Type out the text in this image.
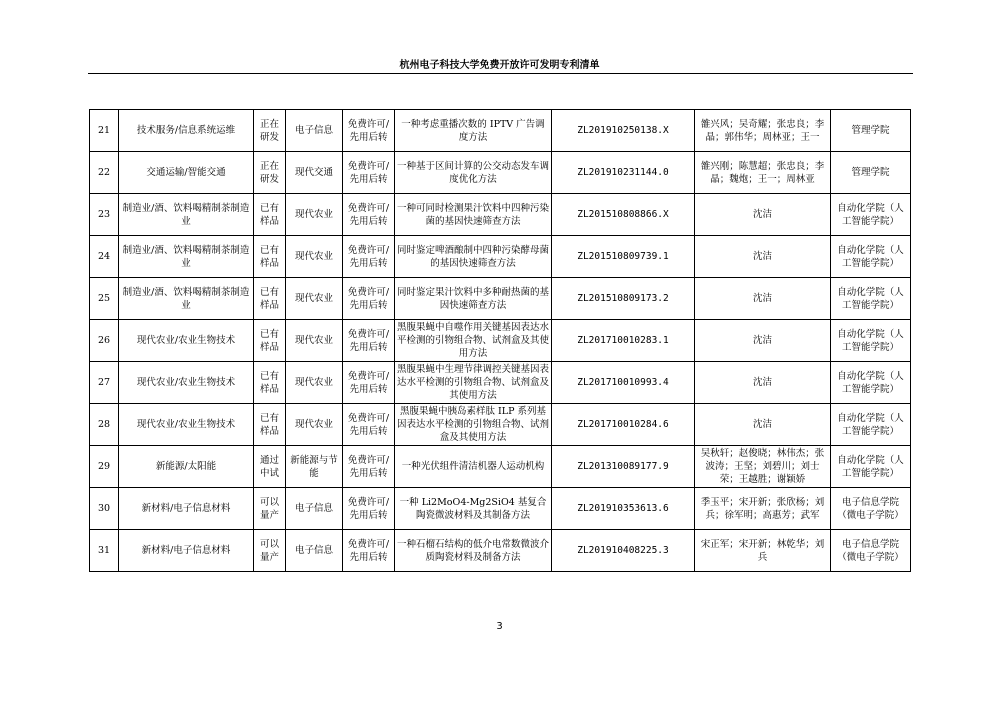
杭州电子科技大学免费开放许可发明专利清单
21	技术服务/信息系统运维	正在研发	电子信息	免费许可/先用后转	一种考虑重播次数的 IPTV 广告调度方法	ZL201910250138.X	雒兴风；吴奇耀；张忠良；李晶；郭伟华；周林亚；王一	管理学院
22	交通运输/智能交通	正在研发	现代交通	免费许可/先用后转	一种基于区间计算的公交动态发车调度优化方法	ZL201910231144.0	雒兴刚；陈慧超；张忠良；李晶；魏炮；王一；周林亚	管理学院
23	制造业/酒、饮料喝精制茶制造业	已有样品	现代农业	免费许可/先用后转	一种可同时检测果汁饮料中四种污染菌的基因快速筛查方法	ZL201510808866.X	沈洁	自动化学院（人工智能学院）
24	制造业/酒、饮料喝精制茶制造业	已有样品	现代农业	免费许可/先用后转	同时鉴定啤酒酿制中四种污染酵母菌的基因快速筛查方法	ZL201510809739.1	沈洁	自动化学院（人工智能学院）
25	制造业/酒、饮料喝精制茶制造业	已有样品	现代农业	免费许可/先用后转	同时鉴定果汁饮料中多种耐热菌的基因快速筛查方法	ZL201510809173.2	沈洁	自动化学院（人工智能学院）
26	现代农业/农业生物技术	已有样品	现代农业	免费许可/先用后转	黑腹果蝇中自噬作用关键基因表达水平检测的引物组合物、试剂盒及其使用方法	ZL201710010283.1	沈洁	自动化学院（人工智能学院）
27	现代农业/农业生物技术	已有样品	现代农业	免费许可/先用后转	黑腹果蝇中生理节律调控关键基因表达水平检测的引物组合物、试剂盒及其使用方法	ZL201710010993.4	沈洁	自动化学院（人工智能学院）
28	现代农业/农业生物技术	已有样品	现代农业	免费许可/先用后转	黑腹果蝇中胰岛素样肽 ILP 系列基因表达水平检测的引物组合物、试剂盒及其使用方法	ZL201710010284.6	沈洁	自动化学院（人工智能学院）
29	新能源/太阳能	通过中试	新能源与节能	免费许可/先用后转	一种光伏组件清洁机器人运动机构	ZL201310089177.9	吴秋轩；赵俊晓；林伟杰；张波涛；王坚；刘碧川；刘士荣；王越胜；谢颖娇	自动化学院（人工智能学院）
30	新材料/电子信息材料	可以量产	电子信息	免费许可/先用后转	一种 Li2MoO4-Mg2SiO4 基复合陶瓷微波材料及其制备方法	ZL201910353613.6	季玉平；宋开新；张欣杨；刘兵；徐军明；高惠芳；武军	电子信息学院（微电子学院）
31	新材料/电子信息材料	可以量产	电子信息	免费许可/先用后转	一种石榴石结构的低介电常数微波介质陶瓷材料及制备方法	ZL201910408225.3	宋正军；宋开新；林乾华；刘兵	电子信息学院（微电子学院）
3
